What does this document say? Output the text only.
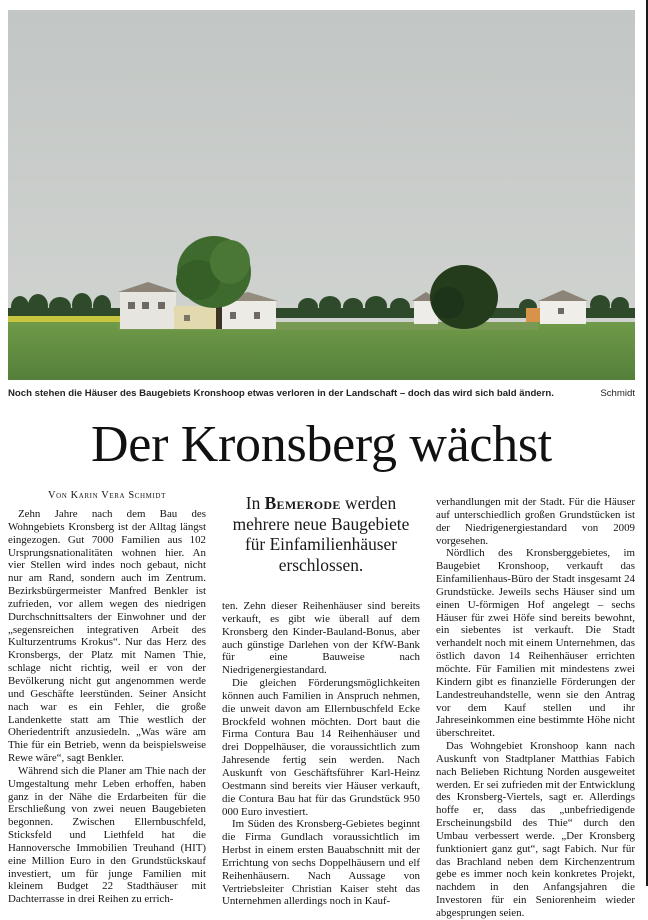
Noch stehen die Häuser des Baugebiets Kronshoop etwas verloren in der Landschaft – doch das wird sich bald ändern.	Schmidt
Der Kronsberg wächst
Von Karin Vera Schmidt	In Bemerode werden mehrere neue Baugebiete für Einfamilienhäuser erschlossen.

Zehn Jahre nach dem Bau des Wohngebiets Kronsberg ist der Alltag längst eingezogen. Gut 7000 Familien aus 102 Ursprungsnationalitäten wohnen hier. An vier Stellen wird indes noch gebaut, nicht nur am Rand, sondern auch im Zentrum. Bezirksbürgermeister Manfred Benkler ist zufrieden, vor allem wegen des niedrigen Durchschnittsalters der Einwohner und der „segensreichen integrativen Arbeit des Kulturzentrums Krokus“. Nur das Herz des Kronsbergs, der Platz mit Namen Thie, schlage nicht richtig, weil er von der Bevölkerung nicht gut angenommen werde und Geschäfte leerstünden. Seiner Ansicht nach war es ein Fehler, die große Landenkette statt am Thie westlich der Oheriedentrift anzusiedeln. „Was wäre am Thie für ein Betrieb, wenn da beispielsweise Rewe wäre“, sagt Benkler.

Während sich die Planer am Thie nach der Umgestaltung mehr Leben erhoffen, haben ganz in der Nähe die Erdarbeiten für die Erschließung von zwei neuen Baugebieten begonnen. Zwischen Ellernbuschfeld, Sticksfeld und Liethfeld hat die Hannoversche Immobilien Treuhand (HIT) eine Million Euro in den Grundstückskauf investiert, um für junge Familien mit kleinem Budget 22 Stadthäuser mit Dachterrasse in drei Reihen zu errich-

ten. Zehn dieser Reihenhäuser sind bereits verkauft, es gibt wie überall auf dem Kronsberg den Kinder-Bauland-Bonus, aber auch günstige Darlehen von der KfW-Bank für eine Bauweise nach Niedrigenergiestandard.

Die gleichen Förderungsmöglichkeiten können auch Familien in Anspruch nehmen, die unweit davon am Ellernbuschfeld Ecke Brockfeld wohnen möchten. Dort baut die Firma Contura Bau 14 Reihenhäuser und drei Doppelhäuser, die voraussichtlich zum Jahresende fertig sein werden. Nach Auskunft von Geschäftsführer Karl-Heinz Oestmann sind bereits vier Häuser verkauft, die Contura Bau hat für das Grundstück 950 000 Euro investiert.

Im Süden des Kronsberg-Gebietes beginnt die Firma Gundlach voraussichtlich im Herbst in einem ersten Bauabschnitt mit der Errichtung von sechs Doppelhäusern und elf Reihenhäusern. Nach Aussage von Vertriebsleiter Christian Kaiser steht das Unternehmen allerdings noch in Kauf-

verhandlungen mit der Stadt. Für die Häuser auf unterschiedlich großen Grundstücken ist der Niedrigenergiestandard von 2009 vorgesehen.

Nördlich des Kronsberggebietes, im Baugebiet Kronshoop, verkauft das Einfamilienhaus-Büro der Stadt insgesamt 24 Grundstücke. Jeweils sechs Häuser sind um einen U-förmigen Hof angelegt – sechs Häuser für zwei Höfe sind bereits bewohnt, ein siebentes ist verkauft. Die Stadt verhandelt noch mit einem Unternehmen, das östlich davon 14 Reihenhäuser errichten möchte. Für Familien mit mindestens zwei Kindern gibt es finanzielle Förderungen der Landestreuhandstelle, wenn sie den Antrag vor dem Kauf stellen und ihr Jahreseinkommen eine bestimmte Höhe nicht überschreitet.

Das Wohngebiet Kronshoop kann nach Auskunft von Stadtplaner Matthias Fabich nach Belieben Richtung Norden ausgeweitet werden. Er sei zufrieden mit der Entwicklung des Kronsberg-Viertels, sagt er. Allerdings hoffe er, dass das „unbefriedigende Erscheinungsbild des Thie“ durch den Umbau verbessert werde. „Der Kronsberg funktioniert ganz gut“, sagt Fabich. Nur für das Brachland neben dem Kirchenzentrum gebe es immer noch kein konkretes Projekt, nachdem in den Anfangsjahren die Investoren für ein Seniorenheim wieder abgesprungen seien.
